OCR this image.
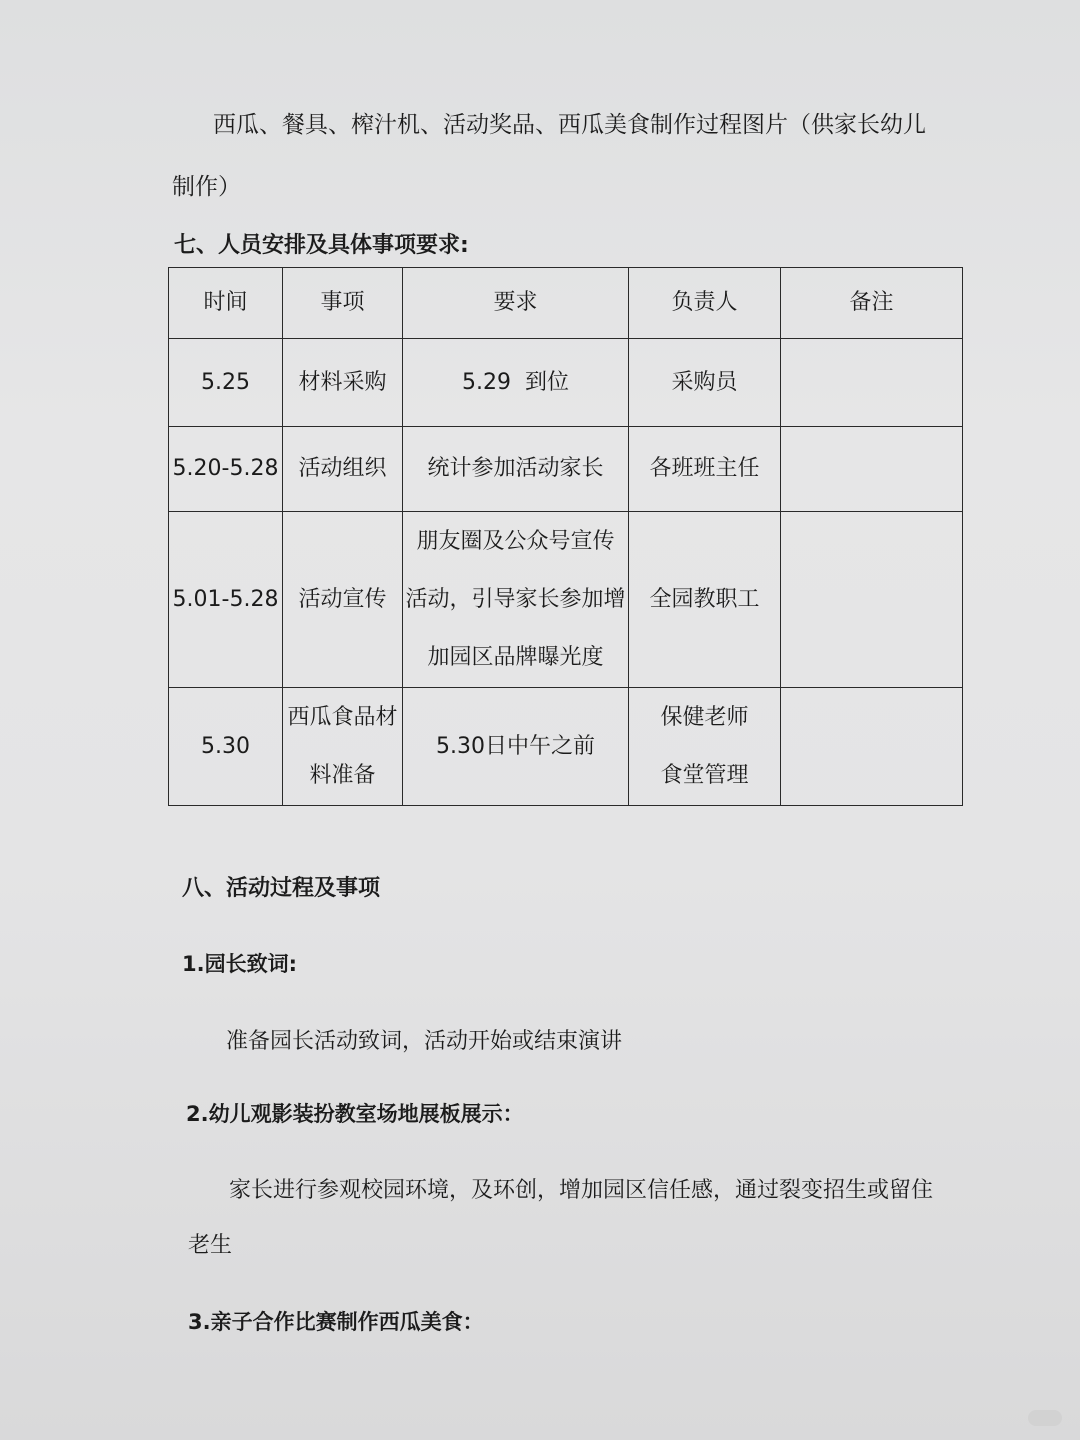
西瓜、餐具、榨汁机、活动奖品、西瓜美食制作过程图片（供家长幼儿
制作）
七、人员安排及具体事项要求:
时间	事项	要求	负责人	备注
5.25	材料采购	5.29  到位	采购员	

5.20-5.28	活动组织	统计参加活动家长	各班班主任	

5.01-5.28	活动宣传	朋友圈及公众号宣传
活动，引导家长参加增
加园区品牌曝光度	全园教职工	

5.30	西瓜食品材
料准备	5.30日中午之前	保健老师
食堂管理	

八、活动过程及事项
1.园长致词:
准备园长活动致词，活动开始或结束演讲
2.幼儿观影装扮教室场地展板展示：
家长进行参观校园环境，及环创，增加园区信任感，通过裂变招生或留住
老生
3.亲子合作比赛制作西瓜美食：
